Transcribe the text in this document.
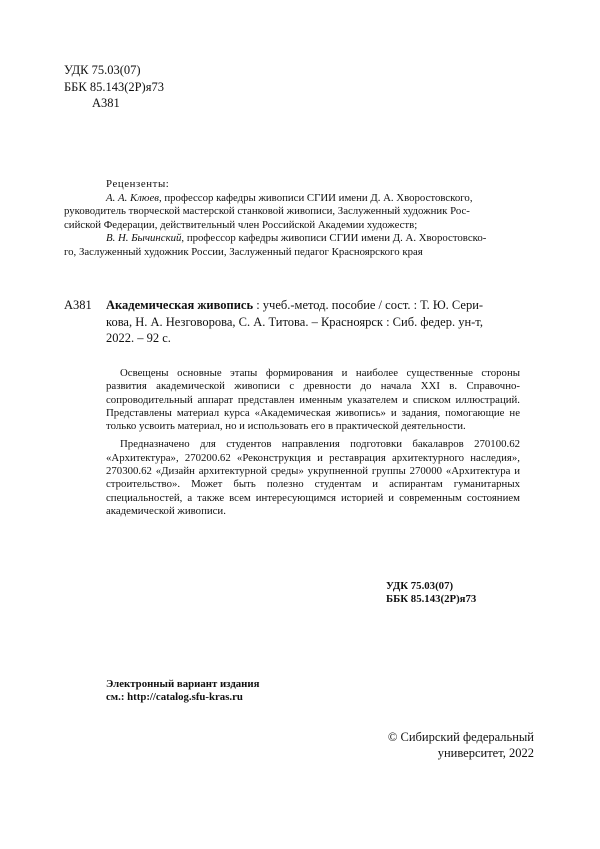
УДК 75.03(07)
ББК 85.143(2Р)я73
А381
Рецензенты:
А. А. Клюев, профессор кафедры живописи СГИИ имени Д. А. Хворостовского,
руководитель творческой мастерской станковой живописи, Заслуженный художник Рос-
сийской Федерации, действительный член Российской Академии художеств;
В. Н. Бычинский, профессор кафедры живописи СГИИ имени Д. А. Хворостовско-
го, Заслуженный художник России, Заслуженный педагог Красноярского края
А381 Академическая живопись : учеб.-метод. пособие / сост. : Т. Ю. Сери-
кова, Н. А. Незговорова, С. А. Титова. – Красноярск : Сиб. федер. ун-т,
2022. – 92 с.

Освещены основные этапы формирования и наиболее существенные стороны развития академической живописи с древности до начала XXI в. Справочно-сопроводительный аппарат представлен именным указателем и списком иллюстраций. Представлены материал курса «Академическая живопись» и задания, помогающие не только усвоить материал, но и использовать его в практической деятельности.

Предназначено для студентов направления подготовки бакалавров 270100.62 «Архитектура», 270200.62 «Реконструкция и реставрация архитектурного наследия», 270300.62 «Дизайн архитектурной среды» укрупненной группы 270000 «Архитектура и строительство». Может быть полезно студентам и аспирантам гуманитарных специальностей, а также всем интересующимся историей и современным состоянием академической живописи.

УДК 75.03(07)
ББК 85.143(2Р)я73
Электронный вариант издания
см.: http://catalog.sfu-kras.ru
© Сибирский федеральный
университет, 2022
